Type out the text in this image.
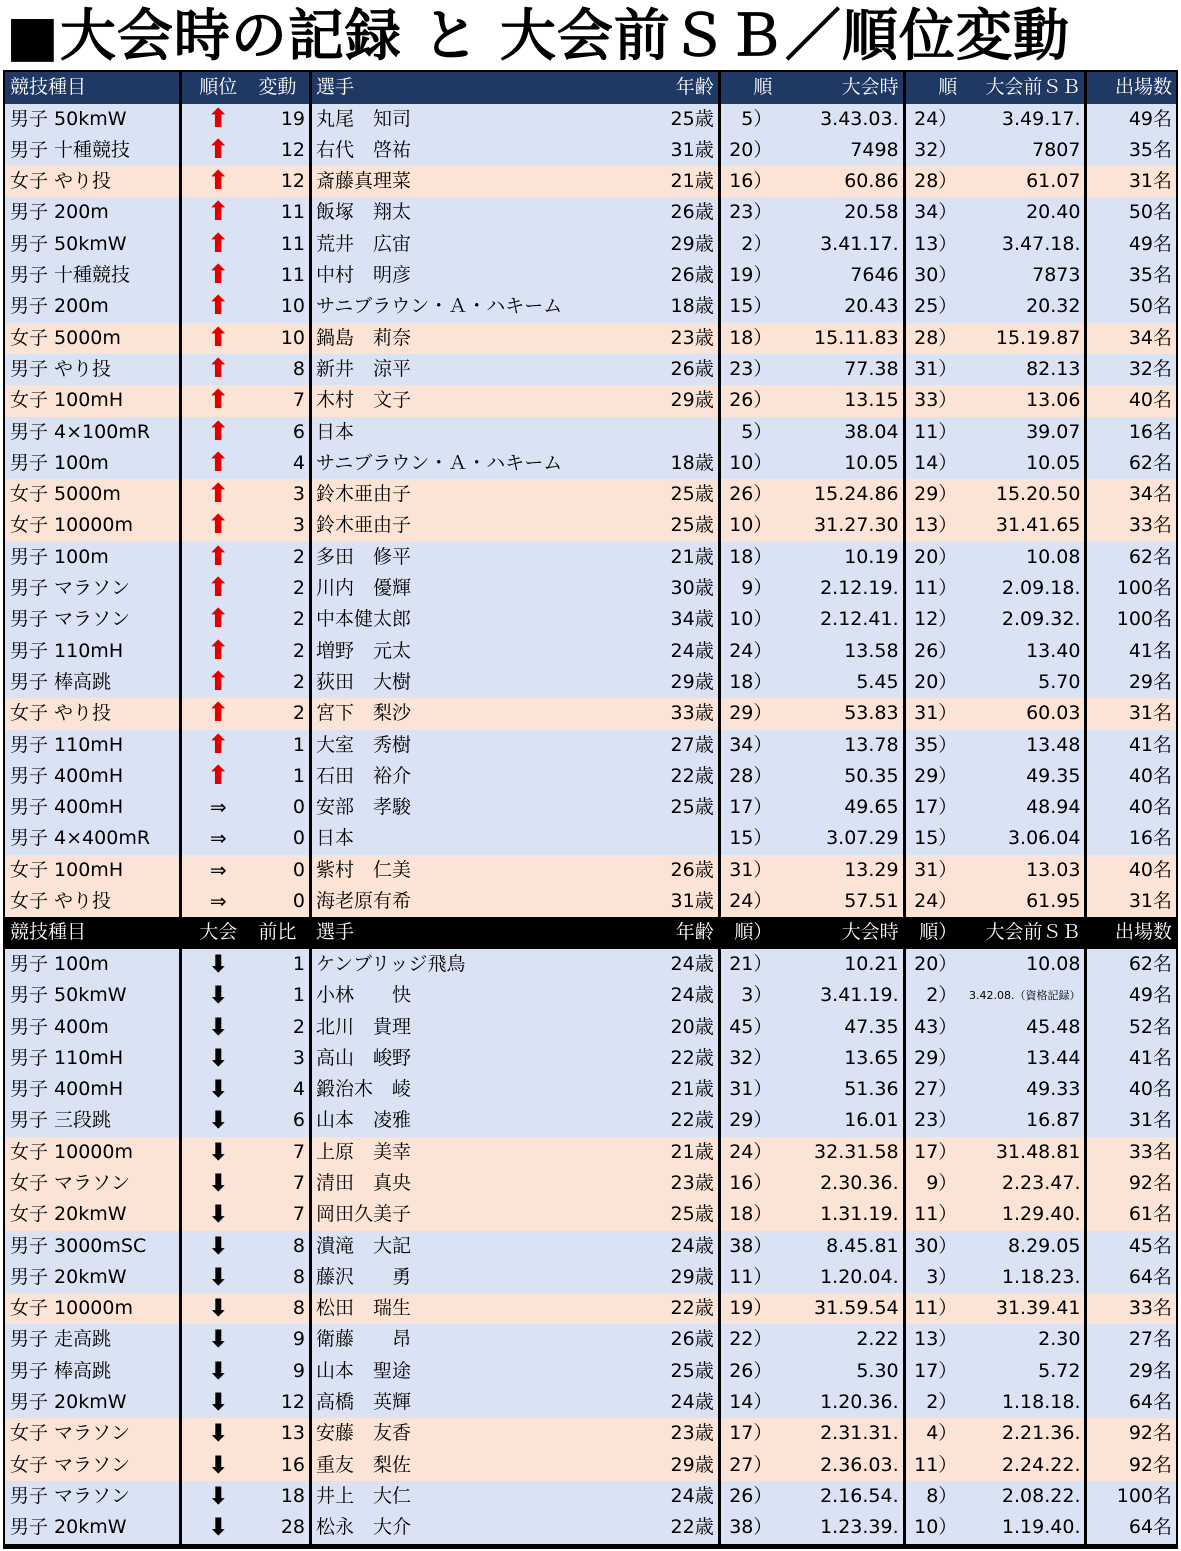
■大会時の記録 と 大会前ＳＢ／順位変動
競技種目	順位	変動	選手	年齢	順	大会時	順	大会前ＳＢ	出場数
男子 50kmW	⬆	19	丸尾　知司	25歳	5）	3.43.03.	24）	3.49.17.	49名
男子 十種競技	⬆	12	右代　啓祐	31歳	20）	7498	32）	7807	35名
女子 やり投	⬆	12	斎藤真理菜	21歳	16）	60.86	28）	61.07	31名
男子 200m	⬆	11	飯塚　翔太	26歳	23）	20.58	34）	20.40	50名
男子 50kmW	⬆	11	荒井　広宙	29歳	2）	3.41.17.	13）	3.47.18.	49名
男子 十種競技	⬆	11	中村　明彦	26歳	19）	7646	30）	7873	35名
男子 200m	⬆	10	サニブラウン・Ａ・ハキーム	18歳	15）	20.43	25）	20.32	50名
女子 5000m	⬆	10	鍋島　莉奈	23歳	18）	15.11.83	28）	15.19.87	34名
男子 やり投	⬆	8	新井　涼平	26歳	23）	77.38	31）	82.13	32名
女子 100mH	⬆	7	木村　文子	29歳	26）	13.15	33）	13.06	40名
男子 4×100mR	⬆	6	日本		5）	38.04	11）	39.07	16名
男子 100m	⬆	4	サニブラウン・Ａ・ハキーム	18歳	10）	10.05	14）	10.05	62名
女子 5000m	⬆	3	鈴木亜由子	25歳	26）	15.24.86	29）	15.20.50	34名
女子 10000m	⬆	3	鈴木亜由子	25歳	10）	31.27.30	13）	31.41.65	33名
男子 100m	⬆	2	多田　修平	21歳	18）	10.19	20）	10.08	62名
男子 マラソン	⬆	2	川内　優輝	30歳	9）	2.12.19.	11）	2.09.18.	100名
男子 マラソン	⬆	2	中本健太郎	34歳	10）	2.12.41.	12）	2.09.32.	100名
男子 110mH	⬆	2	増野　元太	24歳	24）	13.58	26）	13.40	41名
男子 棒高跳	⬆	2	荻田　大樹	29歳	18）	5.45	20）	5.70	29名
女子 やり投	⬆	2	宮下　梨沙	33歳	29）	53.83	31）	60.03	31名
男子 110mH	⬆	1	大室　秀樹	27歳	34）	13.78	35）	13.48	41名
男子 400mH	⬆	1	石田　裕介	22歳	28）	50.35	29）	49.35	40名
男子 400mH	⇒	0	安部　孝駿	25歳	17）	49.65	17）	48.94	40名
男子 4×400mR	⇒	0	日本		15）	3.07.29	15）	3.06.04	16名
女子 100mH	⇒	0	紫村　仁美	26歳	31）	13.29	31）	13.03	40名
女子 やり投	⇒	0	海老原有希	31歳	24）	57.51	24）	61.95	31名
競技種目	大会	前比	選手	年齢	順）	大会時	順）	大会前ＳＢ	出場数
男子 100m	⬇	1	ケンブリッジ飛鳥	24歳	21）	10.21	20）	10.08	62名
男子 50kmW	⬇	1	小林　　快	24歳	3）	3.41.19.	2）	3.42.08.（資格記録）	49名
男子 400m	⬇	2	北川　貴理	20歳	45）	47.35	43）	45.48	52名
男子 110mH	⬇	3	高山　峻野	22歳	32）	13.65	29）	13.44	41名
男子 400mH	⬇	4	鍛治木　崚	21歳	31）	51.36	27）	49.33	40名
男子 三段跳	⬇	6	山本　凌雅	22歳	29）	16.01	23）	16.87	31名
女子 10000m	⬇	7	上原　美幸	21歳	24）	32.31.58	17）	31.48.81	33名
女子 マラソン	⬇	7	清田　真央	23歳	16）	2.30.36.	9）	2.23.47.	92名
女子 20kmW	⬇	7	岡田久美子	25歳	18）	1.31.19.	11）	1.29.40.	61名
男子 3000mSC	⬇	8	潰滝　大記	24歳	38）	8.45.81	30）	8.29.05	45名
男子 20kmW	⬇	8	藤沢　　勇	29歳	11）	1.20.04.	3）	1.18.23.	64名
女子 10000m	⬇	8	松田　瑞生	22歳	19）	31.59.54	11）	31.39.41	33名
男子 走高跳	⬇	9	衛藤　　昂	26歳	22）	2.22	13）	2.30	27名
男子 棒高跳	⬇	9	山本　聖途	25歳	26）	5.30	17）	5.72	29名
男子 20kmW	⬇	12	高橋　英輝	24歳	14）	1.20.36.	2）	1.18.18.	64名
女子 マラソン	⬇	13	安藤　友香	23歳	17）	2.31.31.	4）	2.21.36.	92名
女子 マラソン	⬇	16	重友　梨佐	29歳	27）	2.36.03.	11）	2.24.22.	92名
男子 マラソン	⬇	18	井上　大仁	24歳	26）	2.16.54.	8）	2.08.22.	100名
男子 20kmW	⬇	28	松永　大介	22歳	38）	1.23.39.	10）	1.19.40.	64名
